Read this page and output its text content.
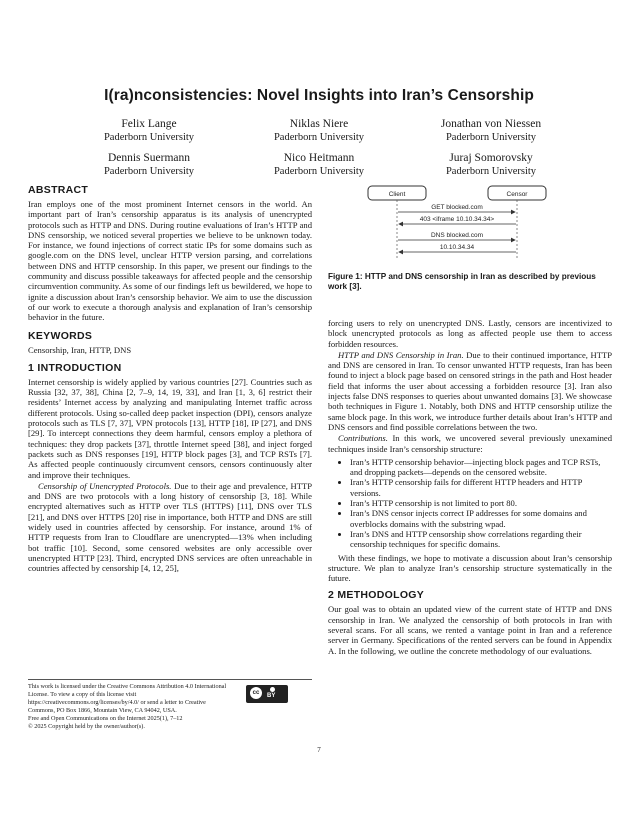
I(ra)nconsistencies: Novel Insights into Iran’s Censorship
Felix Lange
Paderborn University
Niklas Niere
Paderborn University
Jonathan von Niessen
Paderborn University
Dennis Suermann
Paderborn University
Nico Heitmann
Paderborn University
Juraj Somorovsky
Paderborn University
ABSTRACT

Iran employs one of the most prominent Internet censors in the world. An important part of Iran’s censorship apparatus is its analysis of unencrypted protocols such as HTTP and DNS. During routine evaluations of Iran’s HTTP and DNS censorship, we noticed several properties we believe to be unknown today. For instance, we found injections of correct static IPs for some domains such as google.com on the DNS level, unclear HTTP version parsing, and correlations between DNS and HTTP censorship. In this paper, we present our findings to the community and discuss possible takeaways for affected people and the censorship circumvention community. As some of our findings left us bewildered, we hope to ignite a discussion about Iran’s censorship behavior. We aim to use the discussion of our work to execute a thorough analysis and explanation of Iran’s censorship behavior in the future.

KEYWORDS

Censorship, Iran, HTTP, DNS

1 INTRODUCTION

Internet censorship is widely applied by various countries [27]. Countries such as Russia [32, 37, 38], China [2, 7–9, 14, 19, 33], and Iran [1, 3, 6] restrict their residents’ Internet access by analyzing and manipulating Internet traffic across different protocols. Using so-called deep packet inspection (DPI), censors analyze protocols such as TLS [7, 37], VPN protocols [13], HTTP [18], IP [27], and DNS [29]. To intercept connections they deem harmful, censors employ a plethora of techniques: they drop packets [37], throttle Internet speed [38], and inject forged packets such as DNS responses [19], HTTP block pages [3], and TCP RSTs [7]. As affected people continuously circumvent censors, censors continuously alter and improve their techniques.

Censorship of Unencrypted Protocols. Due to their age and prevalence, HTTP and DNS are two protocols with a long history of censorship [3, 18]. While encrypted alternatives such as HTTP over TLS (HTTPS) [11], DNS over TLS [21], and DNS over HTTPS [20] rise in importance, both HTTP and DNS are still widely used in countries affected by censorship. For instance, around 1% of HTTP requests from Iran to Cloudflare are unencrypted—13% when including bot traffic [10]. Second, some censored websites are only accessible over unencrypted HTTP [23]. Third, encrypted DNS services are often unreachable in countries affected by censorship [4, 12, 25],

This work is licensed under the Creative Commons Attribution 4.0 International License. To view a copy of this license visit https://creativecommons.org/licenses/by/4.0/ or send a letter to Creative Commons, PO Box 1866, Mountain View, CA 94042, USA.
Free and Open Communications on the Internet 2025(1), 7–12
© 2025 Copyright held by the owner/author(s).
cc	BY
Client	Censor
GET blocked.com
403 <iframe 10.10.34.34>
DNS blocked.com
10.10.34.34
Figure 1: HTTP and DNS censorship in Iran as described by previous work [3].

forcing users to rely on unencrypted DNS. Lastly, censors are incentivized to block unencrypted protocols as long as affected people use them to access forbidden resources.

HTTP and DNS Censorship in Iran. Due to their continued importance, HTTP and DNS are censored in Iran. To censor unwanted HTTP requests, Iran has been found to inject a block page based on censored strings in the path and Host header field that informs the user about accessing a forbidden resource [3]. Iran also injects false DNS responses to queries about unwanted domains [3]. We showcase both techniques in Figure 1. Notably, both DNS and HTTP censorship utilize the same block page. In this work, we introduce further details about Iran’s HTTP and DNS censors and find possible correlations between the two.

Contributions. In this work, we uncovered several previously unexamined techniques inside Iran’s censorship structure:

• Iran’s HTTP censorship behavior—injecting block pages and TCP RSTs, and dropping packets—depends on the censored website.
• Iran’s HTTP censorship fails for different HTTP headers and HTTP versions.
• Iran’s HTTP censorship is not limited to port 80.
• Iran’s DNS censor injects correct IP addresses for some domains and overblocks domains with the substring wpad.
• Iran’s DNS and HTTP censorship show correlations regarding their censorship techniques for specific domains.

With these findings, we hope to motivate a discussion about Iran’s censorship structure. We plan to analyze Iran’s censorship structure systematically in the future.

2 METHODOLOGY

Our goal was to obtain an updated view of the current state of HTTP and DNS censorship in Iran. We analyzed the censorship of both protocols in Iran with several scans. For all scans, we rented a vantage point in Iran and a reference server in Germany. Specifications of the rented servers can be found in Appendix A. In the following, we outline the concrete methodology of our evaluations.

7
